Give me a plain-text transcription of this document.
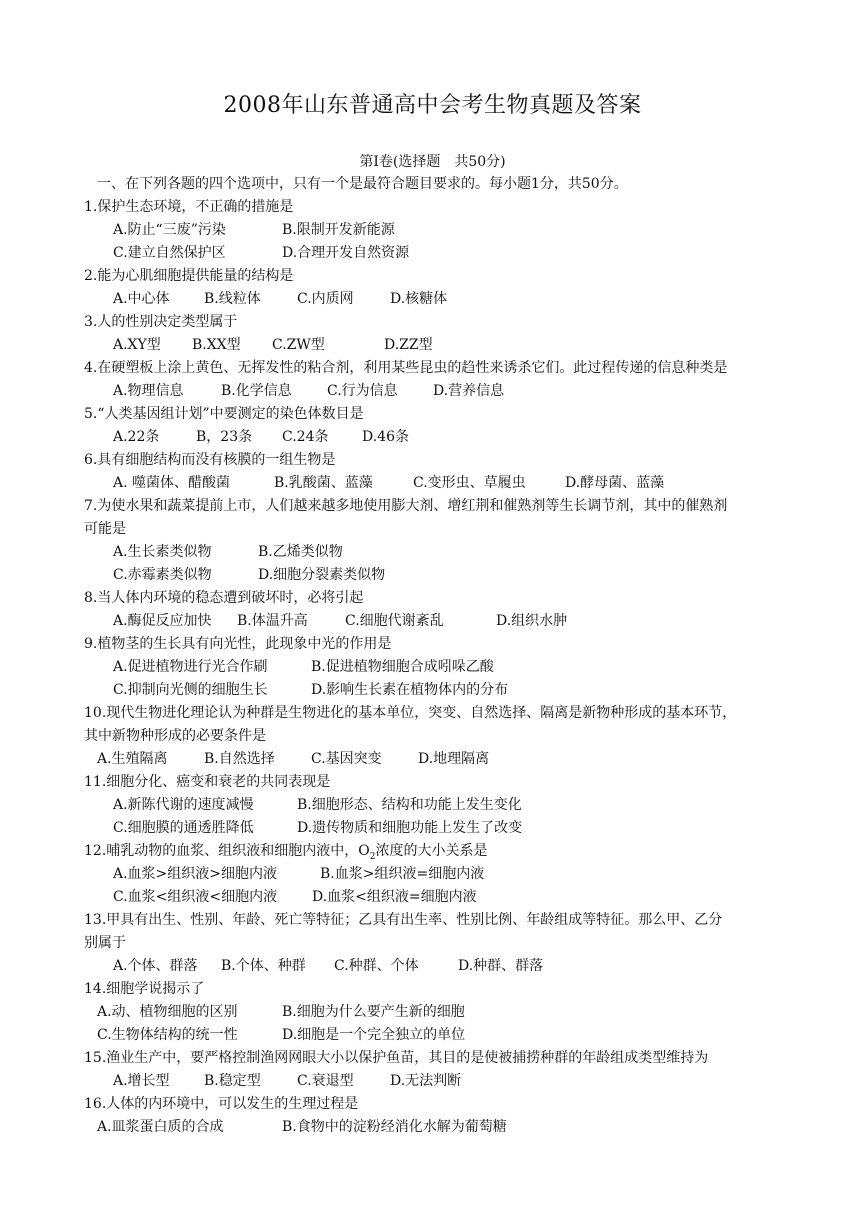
2008年山东普通高中会考生物真题及答案
第Ⅰ卷(选择题　共50分)
一、在下列各题的四个选项中，只有一个是最符合题目要求的。每小题1分，共50分。
1.保护生态环境，不正确的措施是
A.防止“三废”污染	B.限制开发新能源
C.建立自然保护区	D.合理开发自然资源
2.能为心肌细胞提供能量的结构是
A.中心体 B.线粒体	C.内质网	D.核糖体
3.人的性别决定类型属于
A.XY型 B.XX型 C.ZW型	D.ZZ型
4.在硬塑板上涂上黄色、无挥发性的粘合剂，利用某些昆虫的趋性来诱杀它们。此过程传递的信息种类是
A.物理信息	B.化学信息	C.行为信息	D.营养信息
5.“人类基因组计划”中要测定的染色体数目是
A.22条	B，23条 C.24条 D.46条
6.具有细胞结构而没有核膜的一组生物是
A. 噬菌体、醋酸菌	B.乳酸菌、蓝藻	C.变形虫、草履虫	D.酵母菌、蓝藻
7.为使水果和蔬菜提前上市，人们越来越多地使用膨大剂、增红荆和催熟剂等生长调节剂，其中的催熟剂
可能是
A.生长素类似物	B.乙烯类似物
C.赤霉素类似物	D.细胞分裂素类似物
8.当人体内环境的稳态遭到破坏时，必将引起
A.酶促反应加快 B.体温升高	C.细胞代谢紊乱	D.组织水肿
9.植物茎的生长具有向光性，此现象中光的作用是
A.促进植物进行光合作刷	B.促进植物细胞合成吲哚乙酸
C.抑制向光侧的细胞生长	D.影响生长素在植物体内的分布
10.现代生物进化理论认为种群是生物进化的基本单位，突变、自然选择、隔离是新物种形成的基本环节，
其中新物种形成的必要条件是
A.生殖隔离	B.自然选择	C.基因突变	D.地理隔离
11.细胞分化、癌变和衰老的共同表现是
A.新陈代谢的速度减慢	B.细胞形态、结构和功能上发生变化
C.细胞膜的通透胜降低	D.遗传物质和细胞功能上发生了改变
12.哺乳动物的血浆、组织液和细胞内液中，$O_2$浓度的大小关系是
A.血浆>组织液>细胞内液	B.血浆>组织液=细胞内液
C.血浆<组织液<细胞内液 D.血浆<组织液=细胞内液
13.甲具有出生、性别、年龄、死亡等特征；乙具有出生率、性别比例、年龄组成等特征。那么甲、乙分
别属于
A.个体、群落 B.个体、种群 C.种群、个体	D.种群、群落
14.细胞学说揭示了
A.动、植物细胞的区别	B.细胞为什么要产生新的细胞
C.生物体结构的统一性	D.细胞是一个完全独立的单位
15.渔业生产中，要严格控制渔网网眼大小以保护鱼苗，其目的是使被捕捞种群的年龄组成类型维持为
A.增长型 B.稳定型	C.衰退型	D.无法判断
16.人体的内环境中，可以发生的生理过程是
A.皿浆蛋白质的合成	B.食物中的淀粉经消化水解为葡萄糖
